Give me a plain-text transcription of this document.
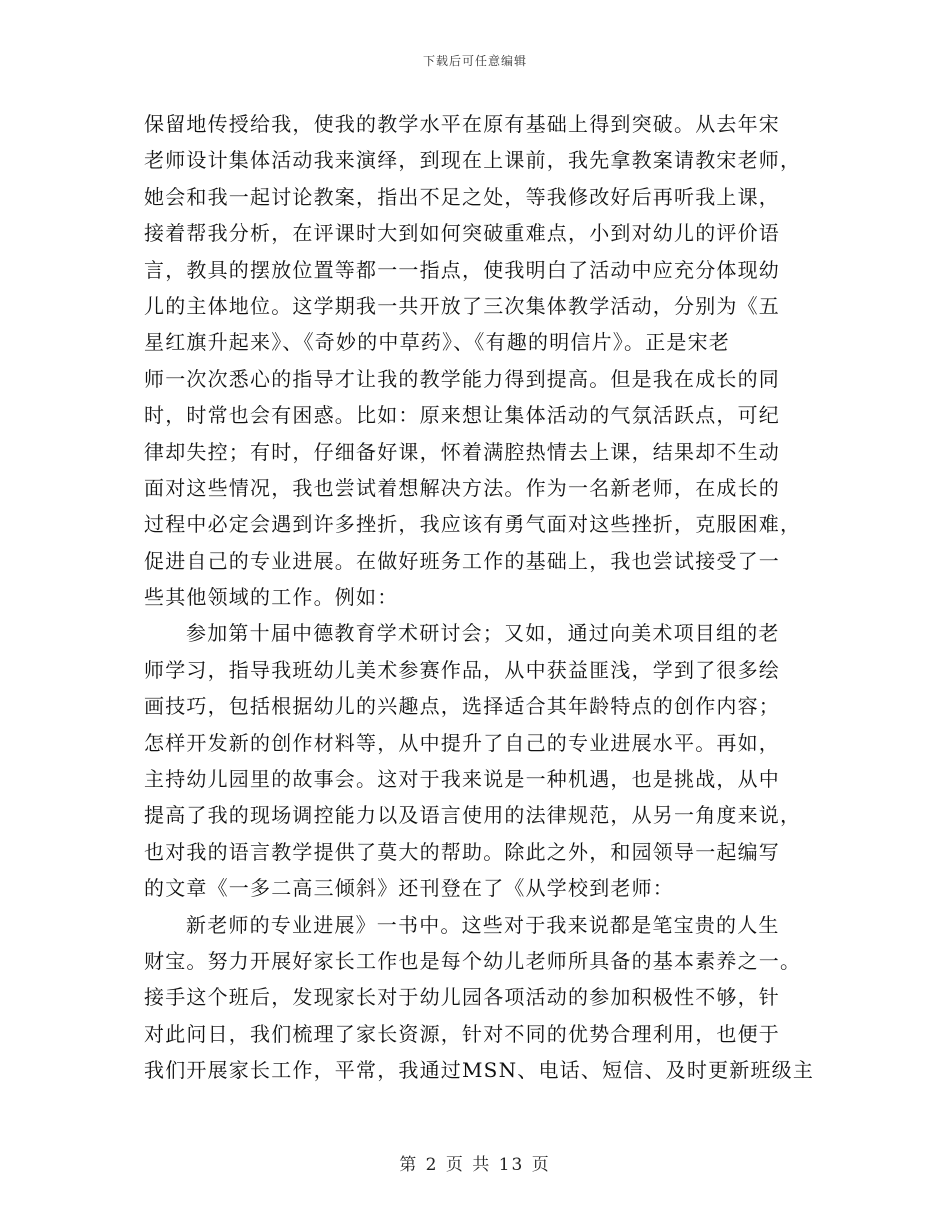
下载后可任意编辑
保留地传授给我，使我的教学水平在原有基础上得到突破。从去年宋
老师设计集体活动我来演绎，到现在上课前，我先拿教案请教宋老师，
她会和我一起讨论教案，指出不足之处，等我修改好后再听我上课，
接着帮我分析，在评课时大到如何突破重难点，小到对幼儿的评价语
言，教具的摆放位置等都一一指点，使我明白了活动中应充分体现幼
儿的主体地位。这学期我一共开放了三次集体教学活动，分别为《五
星红旗升起来》、《奇妙的中草药》、《有趣的明信片》。正是宋老
师一次次悉心的指导才让我的教学能力得到提高。但是我在成长的同
时，时常也会有困惑。比如：原来想让集体活动的气氛活跃点，可纪
律却失控；有时，仔细备好课，怀着满腔热情去上课，结果却不生动
面对这些情况，我也尝试着想解决方法。作为一名新老师，在成长的
过程中必定会遇到许多挫折，我应该有勇气面对这些挫折，克服困难，
促进自己的专业进展。在做好班务工作的基础上，我也尝试接受了一
些其他领域的工作。例如：
参加第十届中德教育学术研讨会；又如，通过向美术项目组的老
师学习，指导我班幼儿美术参赛作品，从中获益匪浅，学到了很多绘
画技巧，包括根据幼儿的兴趣点，选择适合其年龄特点的创作内容；
怎样开发新的创作材料等，从中提升了自己的专业进展水平。再如，
主持幼儿园里的故事会。这对于我来说是一种机遇，也是挑战，从中
提高了我的现场调控能力以及语言使用的法律规范，从另一角度来说，
也对我的语言教学提供了莫大的帮助。除此之外，和园领导一起编写
的文章《一多二高三倾斜》还刊登在了《从学校到老师：
新老师的专业进展》一书中。这些对于我来说都是笔宝贵的人生
财宝。努力开展好家长工作也是每个幼儿老师所具备的基本素养之一。
接手这个班后，发现家长对于幼儿园各项活动的参加积极性不够，针
对此问日，我们梳理了家长资源，针对不同的优势合理利用，也便于
我们开展家长工作，平常，我通过MSN、电话、短信、及时更新班级主
第 2 页 共 13 页
